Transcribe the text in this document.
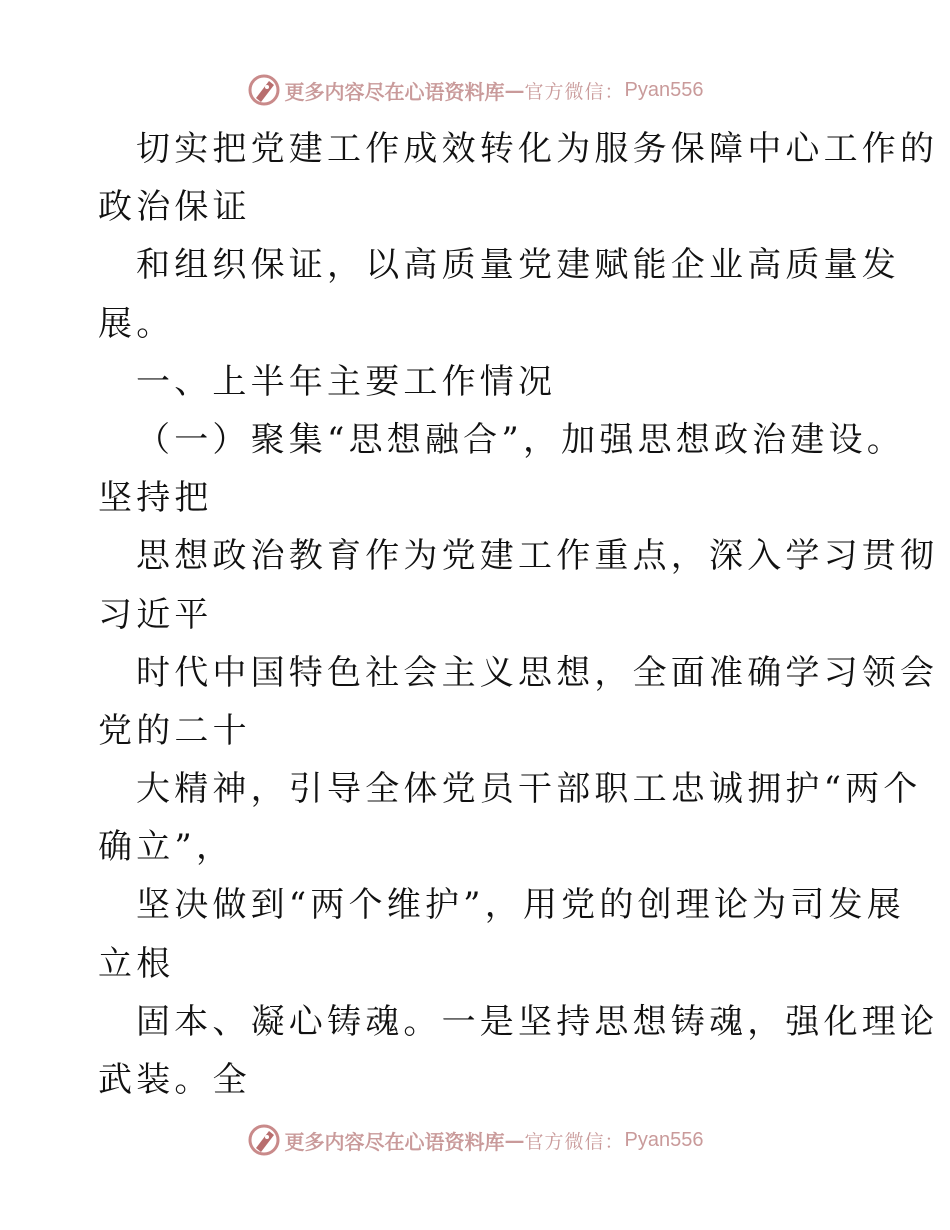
更多内容尽在心语资料库 — 官方微信： Pyan556
切实把党建工作成效转化为服务保障中心工作的
政治保证
和组织保证，以高质量党建赋能企业高质量发
展。
一、上半年主要工作情况
（一）聚集“思想融合”，加强思想政治建设。
坚持把
思想政治教育作为党建工作重点，深入学习贯彻
习近平
时代中国特色社会主义思想，全面准确学习领会
党的二十
大精神，引导全体党员干部职工忠诚拥护“两个
确立”，
坚决做到“两个维护”，用党的创理论为司发展
立根
固本、凝心铸魂。一是坚持思想铸魂，强化理论
武装。全
更多内容尽在心语资料库 — 官方微信： Pyan556
